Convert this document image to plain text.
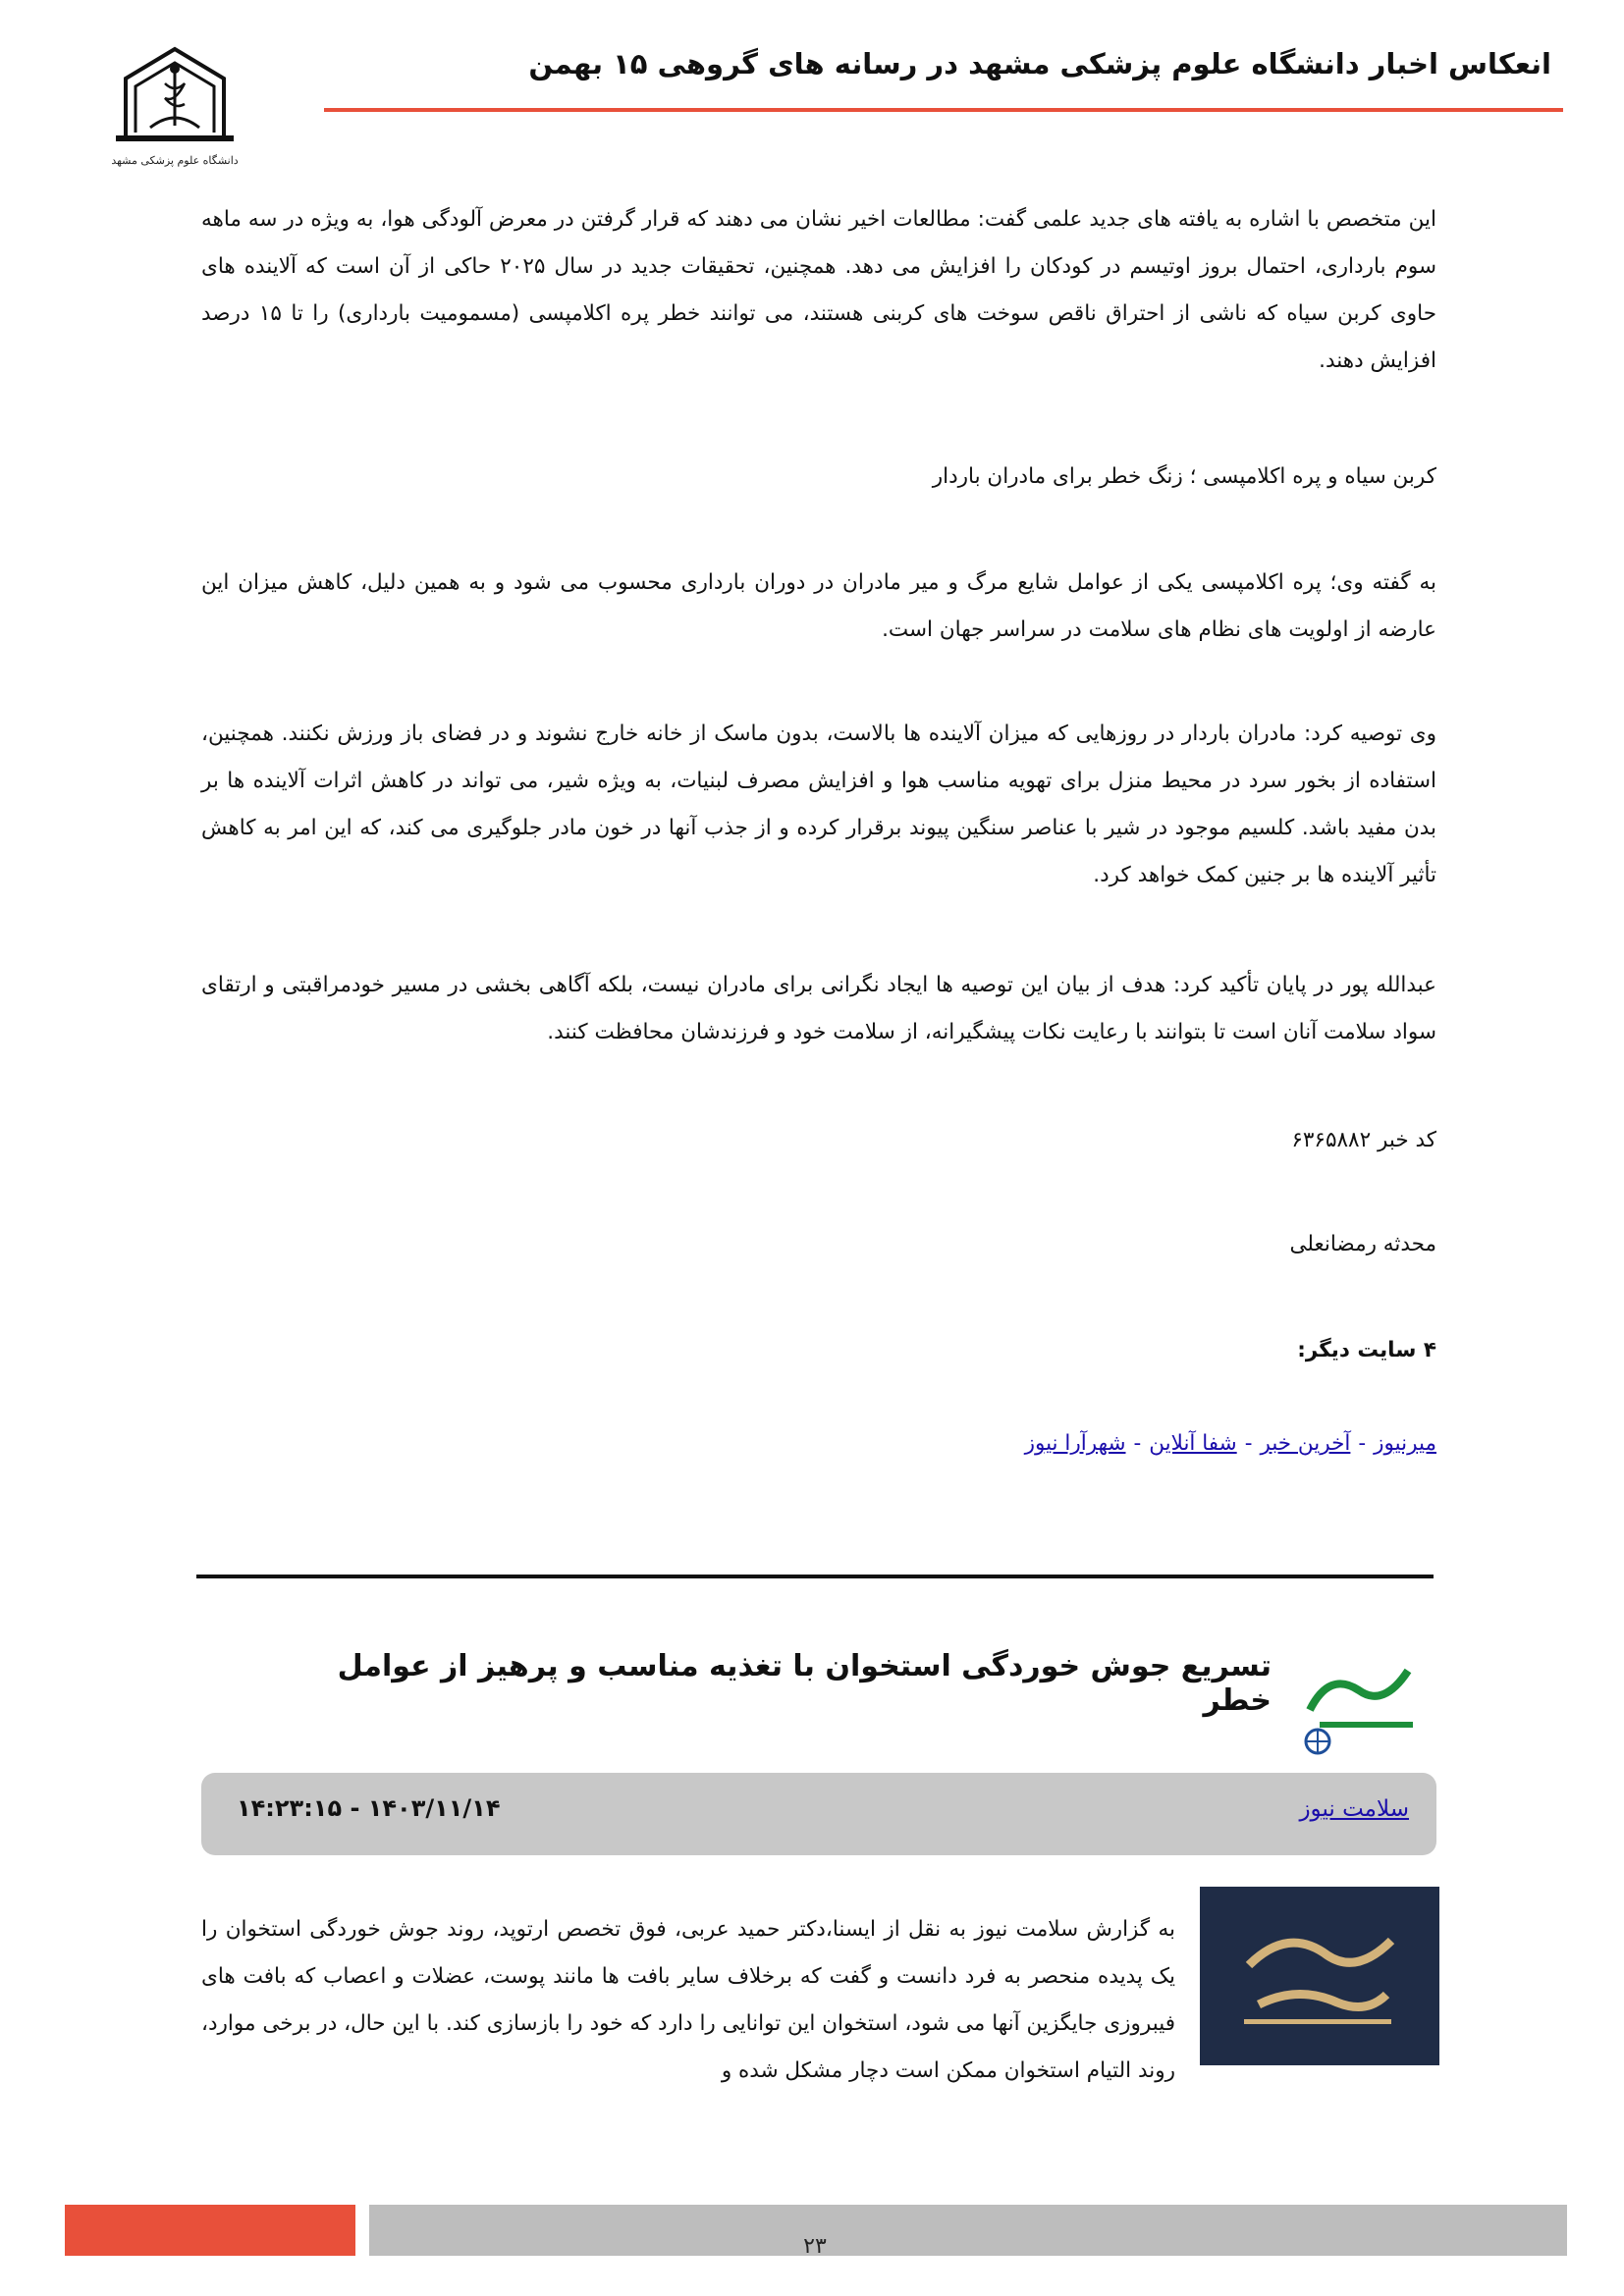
دانشگاه علوم پزشکی مشهد
انعکاس اخبار دانشگاه علوم پزشکی مشهد در رسانه های گروهی ۱۵ بهمن

این متخصص با اشاره به یافته های جدید علمی گفت: مطالعات اخیر نشان می دهند که قرار گرفتن در معرض آلودگی هوا، به ویژه در سه ماهه سوم بارداری، احتمال بروز اوتیسم در کودکان را افزایش می دهد. همچنین، تحقیقات جدید در سال ۲۰۲۵ حاکی از آن است که آلاینده های حاوی کربن سیاه که ناشی از احتراق ناقص سوخت های کربنی هستند، می توانند خطر پره اکلامپسی (مسمومیت بارداری) را تا ۱۵ درصد افزایش دهند.

کربن سیاه و پره اکلامپسی ؛ زنگ خطر برای مادران باردار

به گفته وی؛ پره اکلامپسی یکی از عوامل شایع مرگ و میر مادران در دوران بارداری محسوب می شود و به همین دلیل، کاهش میزان این عارضه از اولویت های نظام های سلامت در سراسر جهان است.

وی توصیه کرد: مادران باردار در روزهایی که میزان آلاینده ها بالاست، بدون ماسک از خانه خارج نشوند و در فضای باز ورزش نکنند. همچنین، استفاده از بخور سرد در محیط منزل برای تهویه مناسب هوا و افزایش مصرف لبنیات، به ویژه شیر، می تواند در کاهش اثرات آلاینده ها بر بدن مفید باشد. کلسیم موجود در شیر با عناصر سنگین پیوند برقرار کرده و از جذب آنها در خون مادر جلوگیری می کند، که این امر به کاهش تأثیر آلاینده ها بر جنین کمک خواهد کرد.

عبدالله پور در پایان تأکید کرد: هدف از بیان این توصیه ها ایجاد نگرانی برای مادران نیست، بلکه آگاهی بخشی در مسیر خودمراقبتی و ارتقای سواد سلامت آنان است تا بتوانند با رعایت نکات پیشگیرانه، از سلامت خود و فرزندشان محافظت کنند.

کد خبر ۶۳۶۵۸۸۲

محدثه رمضانعلی

۴ سایت دیگر:

میرنیوز-آخرین خبر-شفا آنلاین-شهرآرا نیوز
تسریع جوش خوردگی استخوان با تغذیه مناسب و پرهیز از عوامل خطر
سلامت نیوز
۱۴:۲۳:۱۵ - ۱۴۰۳/۱۱/۱۴

به گزارش سلامت نیوز به نقل از ایسنا،دکتر حمید عربی، فوق تخصص ارتوپد، روند جوش خوردگی استخوان را یک پدیده منحصر به فرد دانست و گفت که برخلاف سایر بافت ها مانند پوست، عضلات و اعصاب که بافت های فیبروزی جایگزین آنها می شود، استخوان این توانایی را دارد که خود را بازسازی کند. با این حال، در برخی موارد، روند التیام استخوان ممکن است دچار مشکل شده و

۲۳
